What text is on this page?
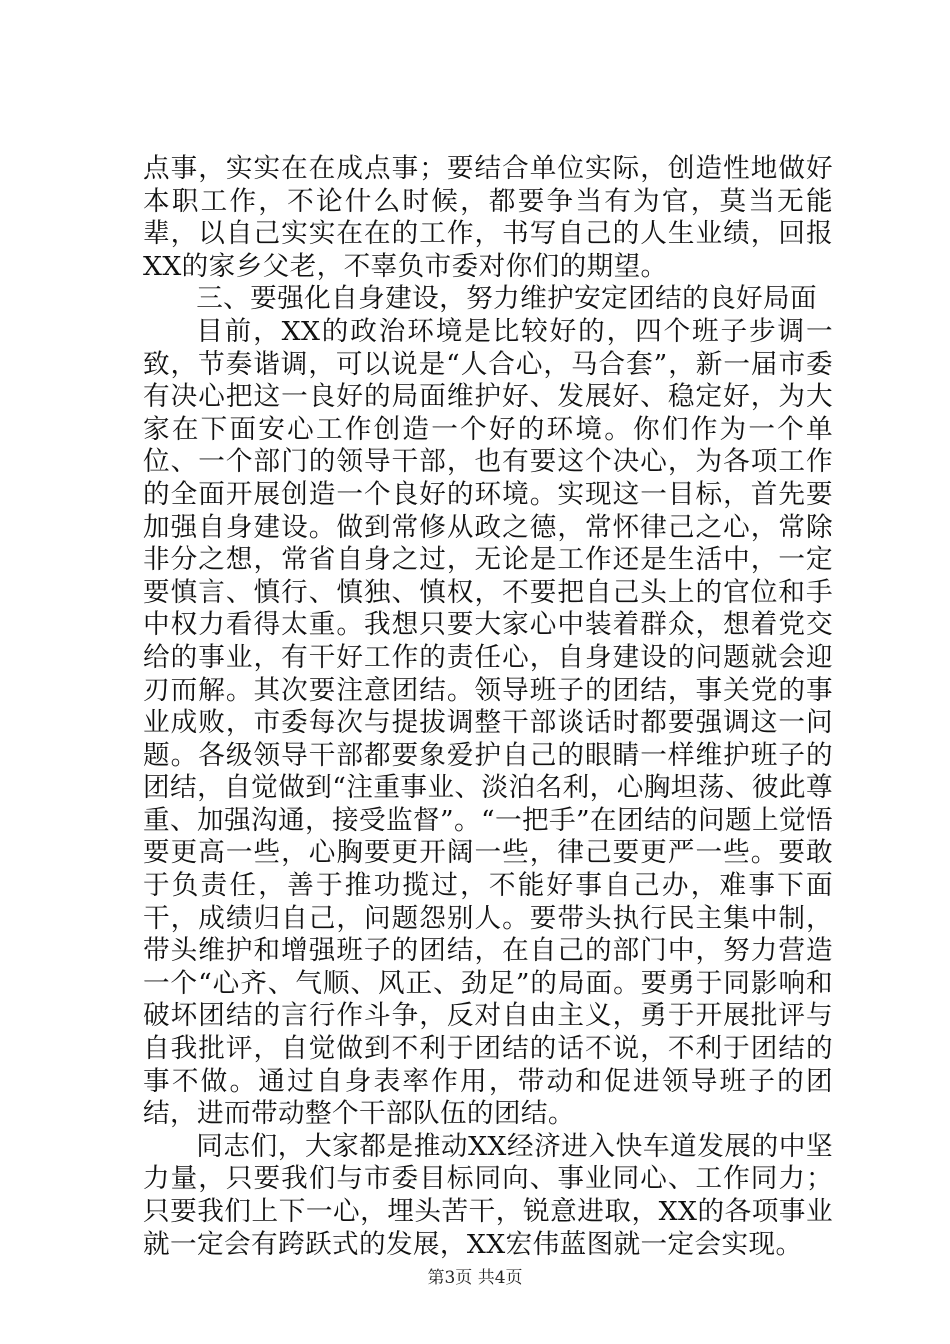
点事，实实在在成点事；要结合单位实际，创造性地做好本职工作，不论什么时候，都要争当有为官，莫当无能辈，以自己实实在在的工作，书写自己的人生业绩，回报XX的家乡父老，不辜负市委对你们的期望。

三、要强化自身建设，努力维护安定团结的良好局面

目前，XX的政治环境是比较好的，四个班子步调一致，节奏谐调，可以说是“人合心，马合套”，新一届市委有决心把这一良好的局面维护好、发展好、稳定好，为大家在下面安心工作创造一个好的环境。你们作为一个单位、一个部门的领导干部，也有要这个决心，为各项工作的全面开展创造一个良好的环境。实现这一目标，首先要加强自身建设。做到常修从政之德，常怀律己之心，常除非分之想，常省自身之过，无论是工作还是生活中，一定要慎言、慎行、慎独、慎权，不要把自己头上的官位和手中权力看得太重。我想只要大家心中装着群众，想着党交给的事业，有干好工作的责任心，自身建设的问题就会迎刃而解。其次要注意团结。领导班子的团结，事关党的事业成败，市委每次与提拔调整干部谈话时都要强调这一问题。各级领导干部都要象爱护自己的眼睛一样维护班子的团结，自觉做到“注重事业、淡泊名利，心胸坦荡、彼此尊重、加强沟通，接受监督”。“一把手”在团结的问题上觉悟要更高一些，心胸要更开阔一些，律己要更严一些。要敢于负责任，善于推功揽过，不能好事自己办，难事下面干，成绩归自己，问题怨别人。要带头执行民主集中制，带头维护和增强班子的团结，在自己的部门中，努力营造一个“心齐、气顺、风正、劲足”的局面。要勇于同影响和破坏团结的言行作斗争，反对自由主义，勇于开展批评与自我批评，自觉做到不利于团结的话不说，不利于团结的事不做。通过自身表率作用，带动和促进领导班子的团结，进而带动整个干部队伍的团结。

同志们，大家都是推动XX经济进入快车道发展的中坚力量，只要我们与市委目标同向、事业同心、工作同力；只要我们上下一心，埋头苦干，锐意进取，XX的各项事业就一定会有跨跃式的发展，XX宏伟蓝图就一定会实现。

第3页 共4页
